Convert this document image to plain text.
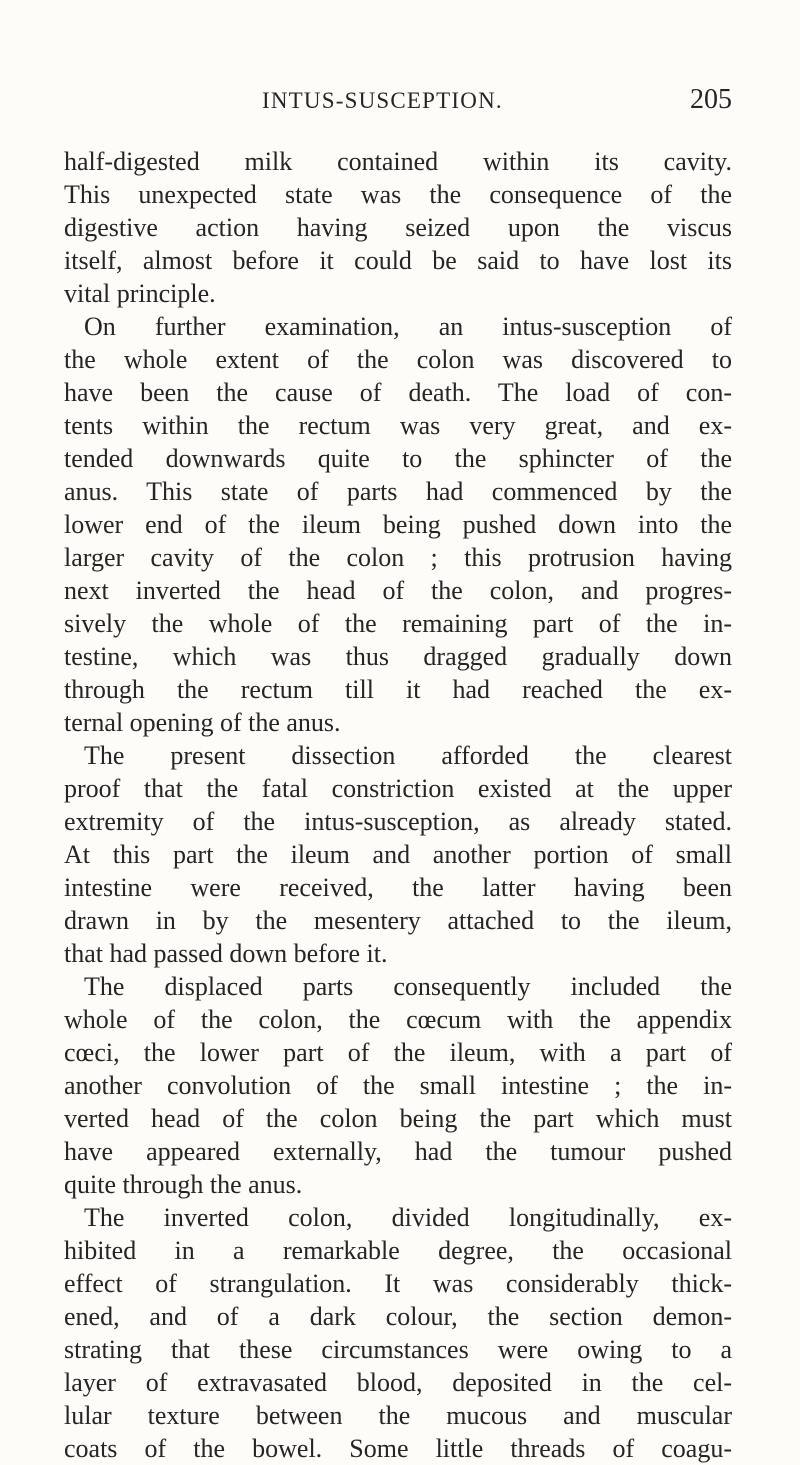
INTUS-SUSCEPTION.	205
half-digested milk contained within its cavity.
This unexpected state was the consequence of the
digestive action having seized upon the viscus
itself, almost before it could be said to have lost its
vital principle.
On further examination, an intus-susception of
the whole extent of the colon was discovered to
have been the cause of death. The load of con-
tents within the rectum was very great, and ex-
tended downwards quite to the sphincter of the
anus. This state of parts had commenced by the
lower end of the ileum being pushed down into the
larger cavity of the colon ; this protrusion having
next inverted the head of the colon, and progres-
sively the whole of the remaining part of the in-
testine, which was thus dragged gradually down
through the rectum till it had reached the ex-
ternal opening of the anus.
The present dissection afforded the clearest
proof that the fatal constriction existed at the upper
extremity of the intus-susception, as already stated.
At this part the ileum and another portion of small
intestine were received, the latter having been
drawn in by the mesentery attached to the ileum,
that had passed down before it.
The displaced parts consequently included the
whole of the colon, the cœcum with the appendix
cœci, the lower part of the ileum, with a part of
another convolution of the small intestine ; the in-
verted head of the colon being the part which must
have appeared externally, had the tumour pushed
quite through the anus.
The inverted colon, divided longitudinally, ex-
hibited in a remarkable degree, the occasional
effect of strangulation. It was considerably thick-
ened, and of a dark colour, the section demon-
strating that these circumstances were owing to a
layer of extravasated blood, deposited in the cel-
lular texture between the mucous and muscular
coats of the bowel. Some little threads of coagu-
